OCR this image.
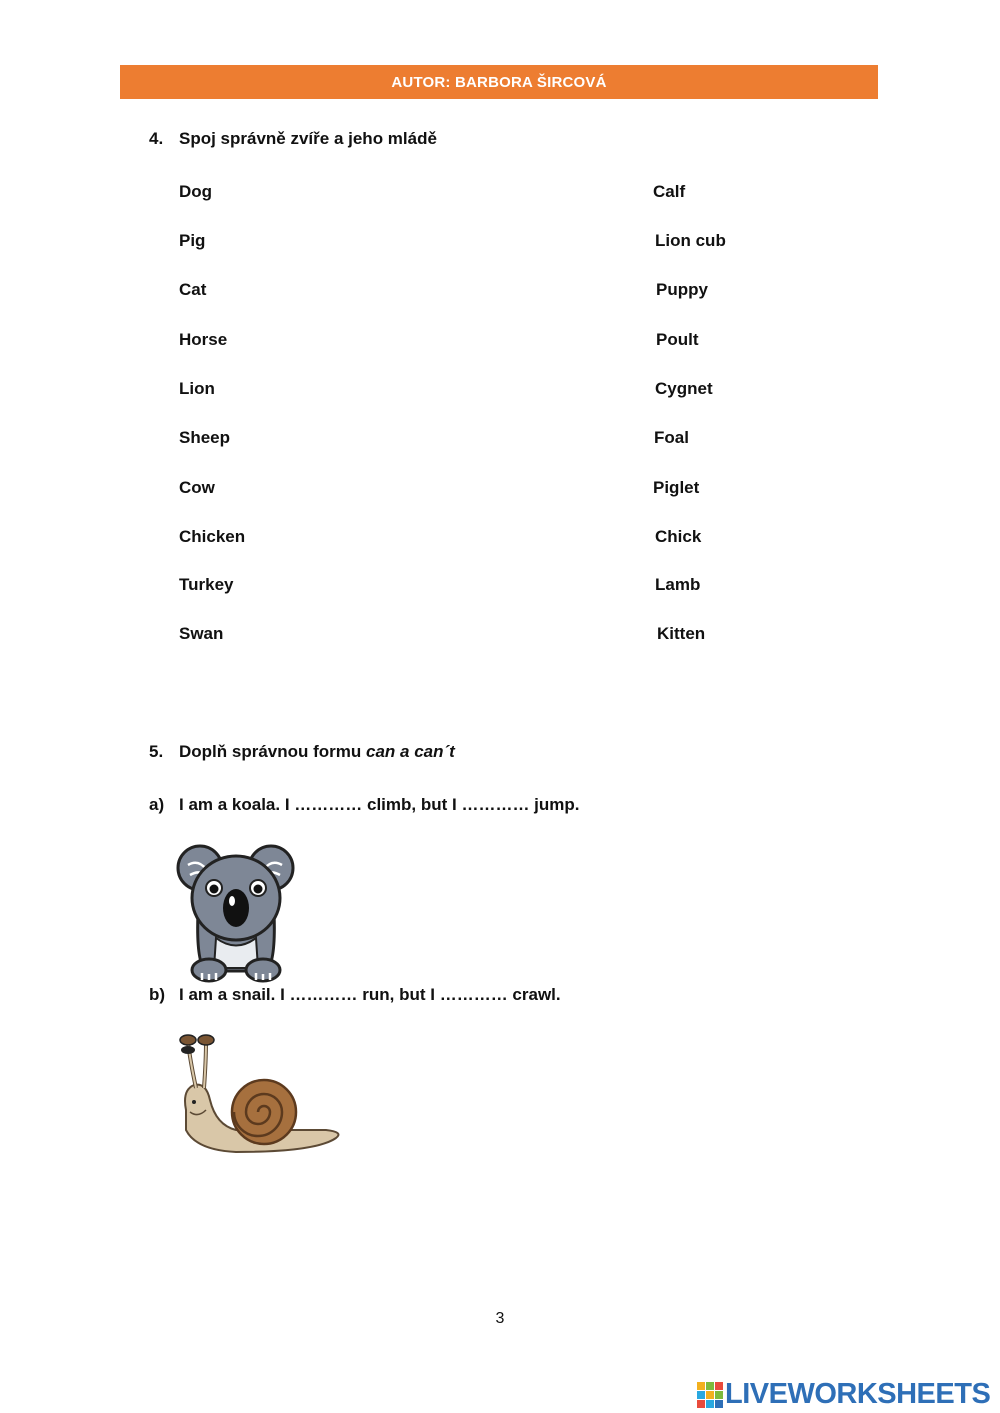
AUTOR: BARBORA ŠIRCOVÁ
4. Spoj správně zvíře a jeho mládě
Dog
Pig
Cat
Horse
Lion
Sheep
Cow
Chicken
Turkey
Swan
Calf
Lion cub
Puppy
Poult
Cygnet
Foal
Piglet
Chick
Lamb
Kitten
5. Doplň správnou formu can a can´t
a) I am a koala. I ………… climb, but I ………… jump.
b) I am a snail. I ………… run, but I ………… crawl.
3
LIVEWORKSHEETS
